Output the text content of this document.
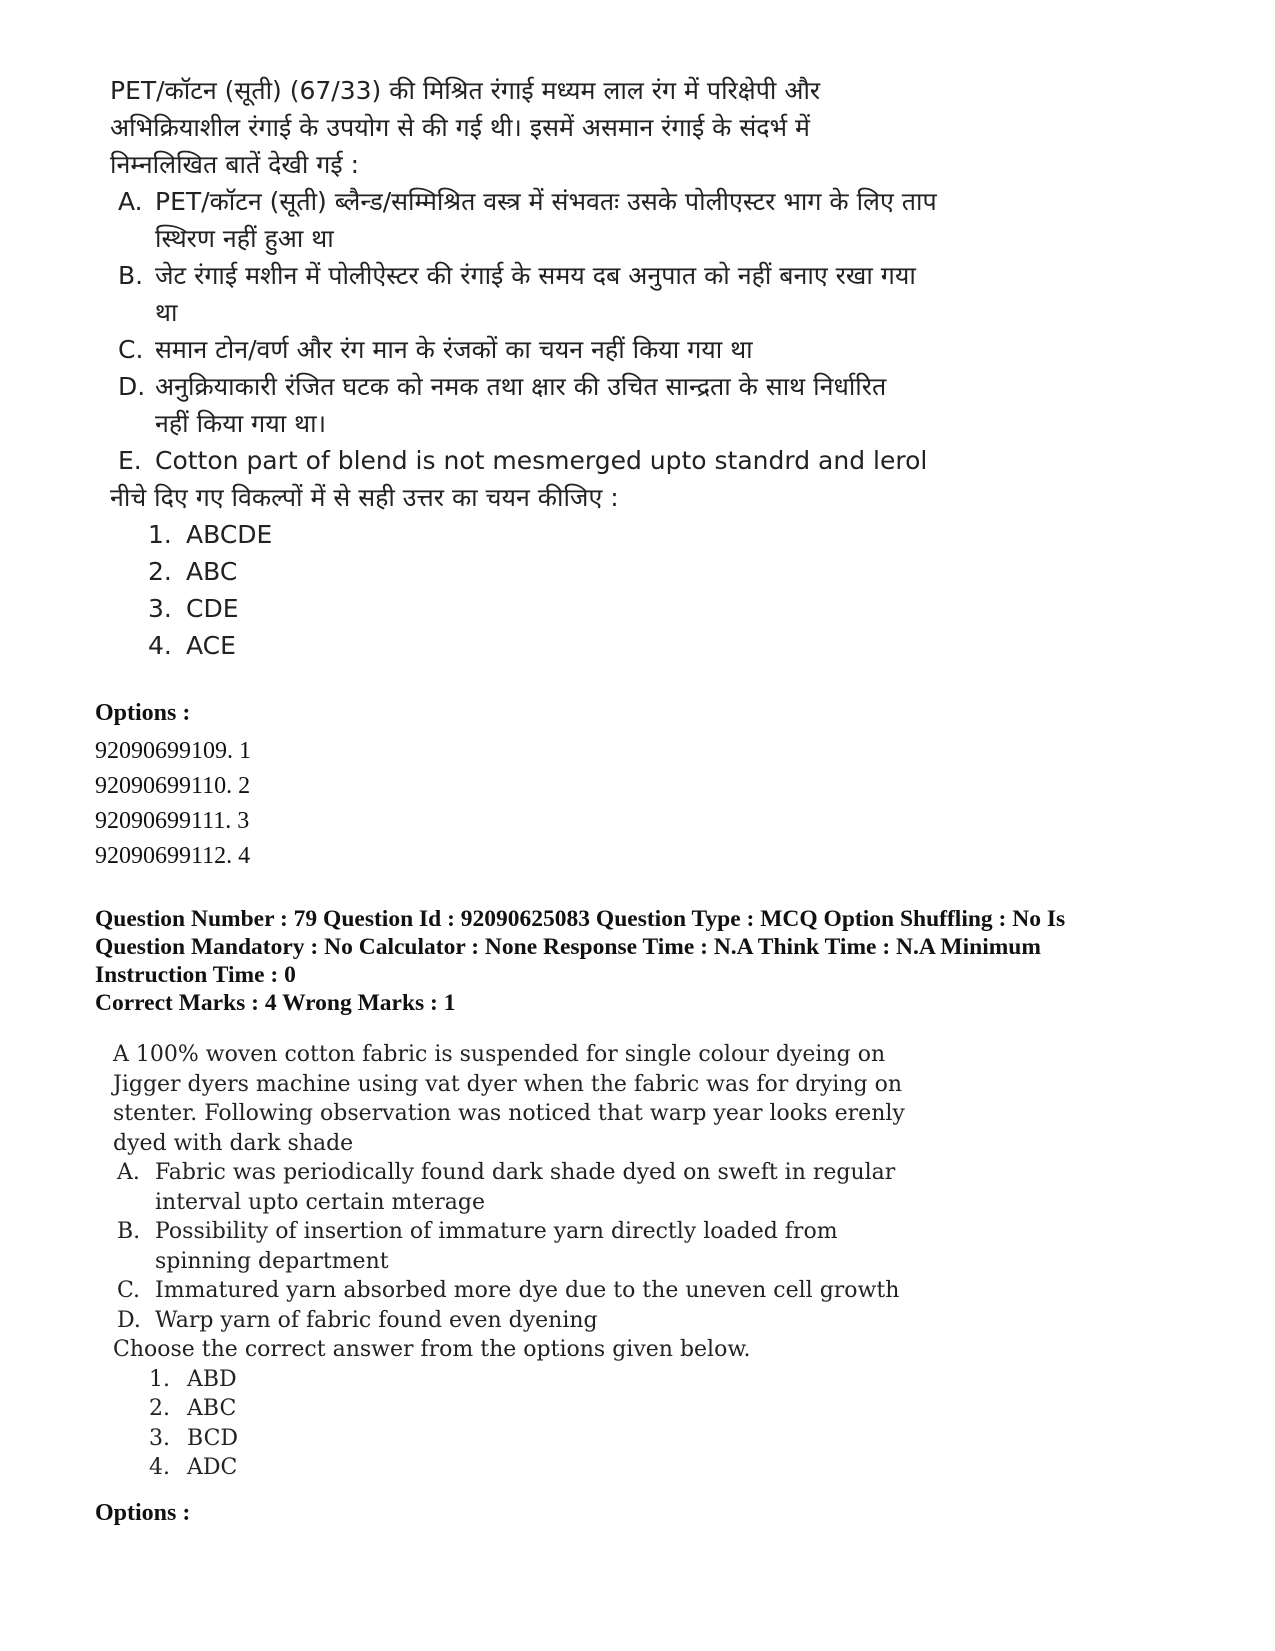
PET/कॉटन (सूती) (67/33) की मिश्रित रंगाई मध्यम लाल रंग में परिक्षेपी और
अभिक्रियाशील रंगाई के उपयोग से की गई थी। इसमें असमान रंगाई के संदर्भ में
निम्नलिखित बातें देखी गई :
A. PET/कॉटन (सूती) ब्लैन्ड/सम्मिश्रित वस्त्र में संभवतः उसके पोलीएस्टर भाग के लिए ताप
स्थिरण नहीं हुआ था
B. जेट रंगाई मशीन में पोलीऐस्टर की रंगाई के समय दब अनुपात को नहीं बनाए रखा गया
था
C. समान टोन/वर्ण और रंग मान के रंजकों का चयन नहीं किया गया था
D. अनुक्रियाकारी रंजित घटक को नमक तथा क्षार की उचित सान्द्रता के साथ निर्धारित
नहीं किया गया था।
E. Cotton part of blend is not mesmerged upto standrd and lerol
नीचे दिए गए विकल्पों में से सही उत्तर का चयन कीजिए :
1. ABCDE
2. ABC
3. CDE
4. ACE
Options :
92090699109. 1
92090699110. 2
92090699111. 3
92090699112. 4
Question Number : 79 Question Id : 92090625083 Question Type : MCQ Option Shuffling : No Is
Question Mandatory : No Calculator : None Response Time : N.A Think Time : N.A Minimum
Instruction Time : 0
Correct Marks : 4 Wrong Marks : 1
A 100% woven cotton fabric is suspended for single colour dyeing on
Jigger dyers machine using vat dyer when the fabric was for drying on
stenter. Following observation was noticed that warp year looks erenly
dyed with dark shade
A. Fabric was periodically found dark shade dyed on sweft in regular
interval upto certain mterage
B. Possibility of insertion of immature yarn directly loaded from
spinning department
C. Immatured yarn absorbed more dye due to the uneven cell growth
D. Warp yarn of fabric found even dyening
Choose the correct answer from the options given below.
1. ABD
2. ABC
3. BCD
4. ADC
Options :
